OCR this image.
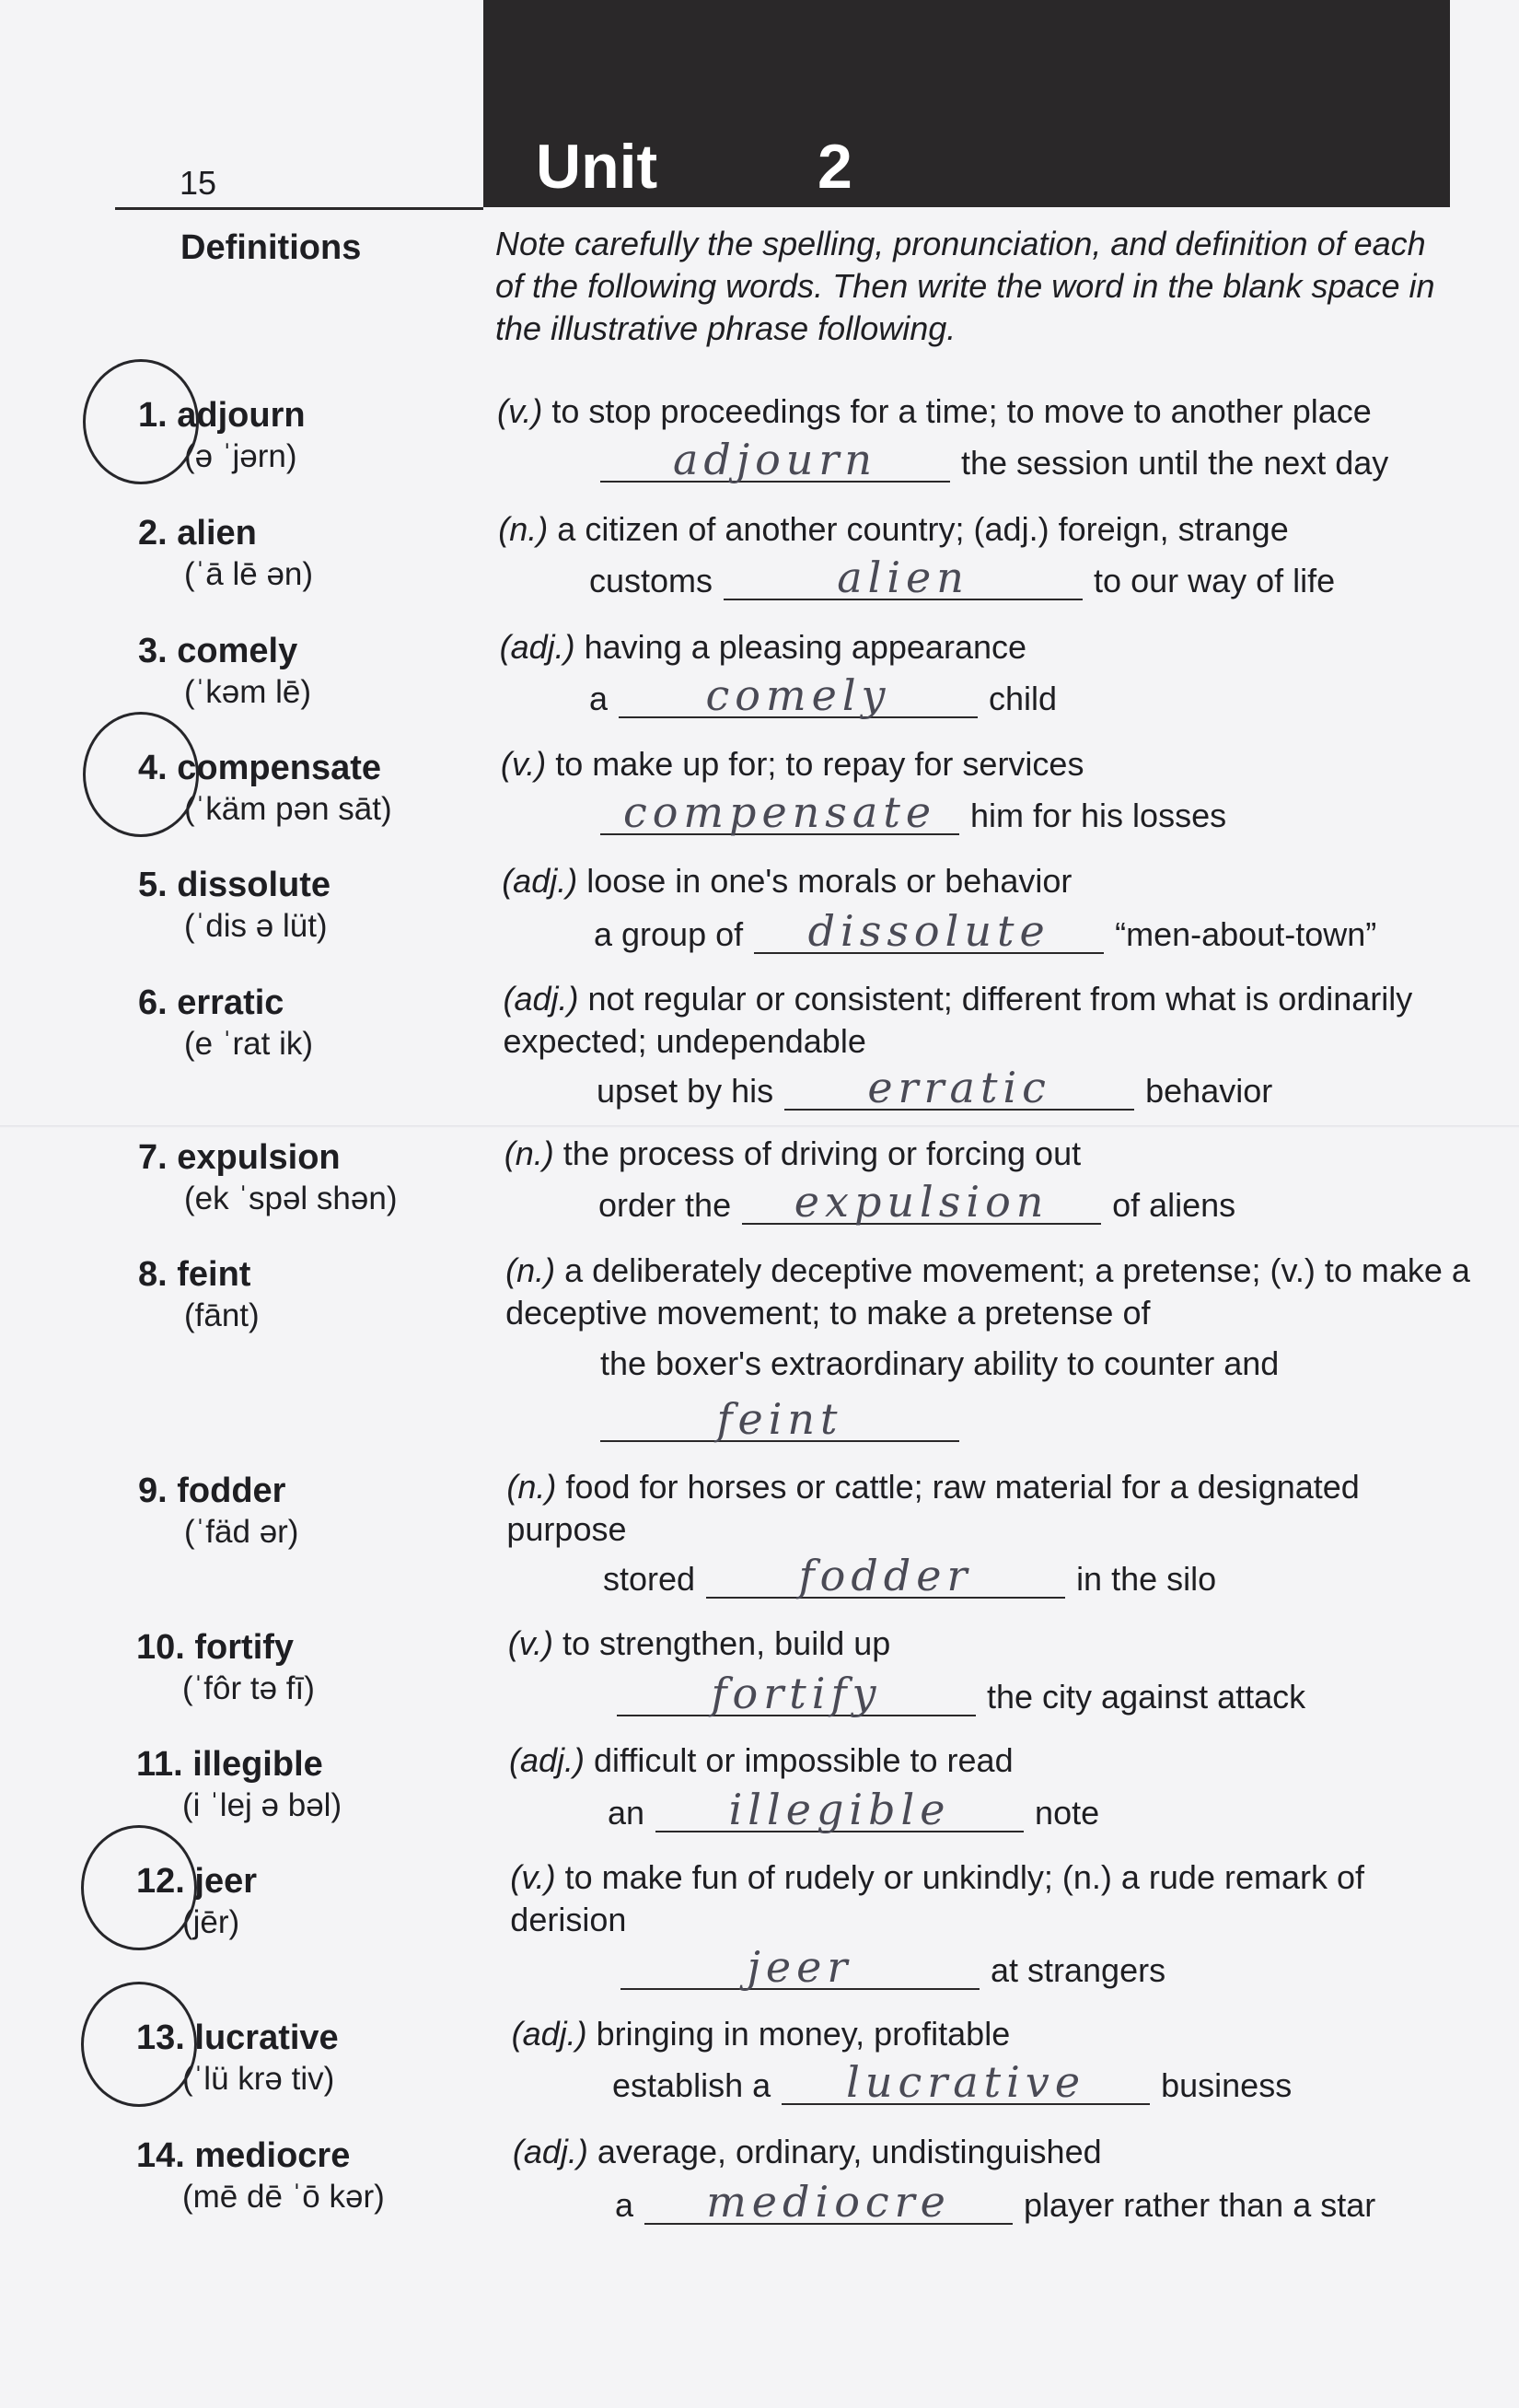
Unit	2
15
Definitions	Note carefully the spelling, pronunciation, and definition of each of the following words. Then write the word in the blank space in the illustrative phrase following.
1. adjourn
(ə ˈjərn)
(v.) to stop proceedings for a time; to move to another place
adjourn	the session until the next day
2. alien
(ˈā lē ən)
(n.) a citizen of another country; (adj.) foreign, strange
customs	alien	to our way of life
3. comely
(ˈkəm lē)
(adj.) having a pleasing appearance
a	comely	child
4. compensate
(ˈkäm pən sāt)
(v.) to make up for; to repay for services
compensate	him for his losses
5. dissolute
(ˈdis ə lüt)
(adj.) loose in one's morals or behavior
a group of	dissolute	“men-about-town”
6. erratic
(e ˈrat ik)
(adj.) not regular or consistent; different from what is ordinarily expected; undependable
upset by his	erratic	behavior
7. expulsion
(ek ˈspəl shən)
(n.) the process of driving or forcing out
order the	expulsion	of aliens
8. feint
(fānt)
(n.) a deliberately deceptive movement; a pretense; (v.) to make a deceptive movement; to make a pretense of
the boxer's extraordinary ability to counter and
feint
9. fodder
(ˈfäd ər)
(n.) food for horses or cattle; raw material for a designated purpose
stored	fodder	in the silo
10. fortify
(ˈfôr tə fī)
(v.) to strengthen, build up
fortify	the city against attack
11. illegible
(i ˈlej ə bəl)
(adj.) difficult or impossible to read
an	illegible	note
12. jeer
(jēr)
(v.) to make fun of rudely or unkindly; (n.) a rude remark of derision
jeer	at strangers
13. lucrative
(ˈlü krə tiv)
(adj.) bringing in money, profitable
establish a	lucrative	business
14. mediocre
(mē dē ˈō kər)
(adj.) average, ordinary, undistinguished
a	mediocre	player rather than a star
